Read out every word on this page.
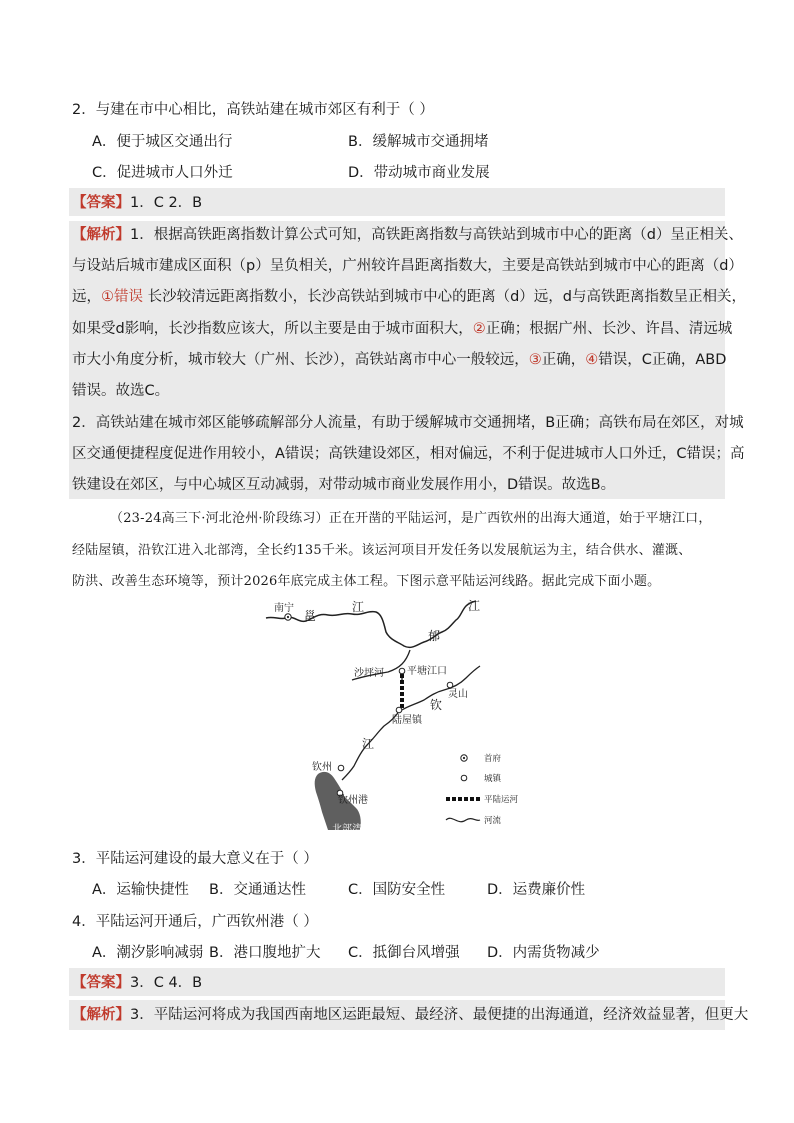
2．与建在市中心相比，高铁站建在城市郊区有利于（ ）
A．便于城区交通出行	B．缓解城市交通拥堵
C．促进城市人口外迁	D．带动城市商业发展
【答案】1．C 2．B
【解析】1．根据高铁距离指数计算公式可知，高铁距离指数与高铁站到城市中心的距离（d）呈正相关、
与设站后城市建成区面积（p）呈负相关，广州较许昌距离指数大，主要是高铁站到城市中心的距离（d）
远，①错误 长沙较清远距离指数小，长沙高铁站到城市中心的距离（d）远，d与高铁距离指数呈正相关，
如果受d影响，长沙指数应该大，所以主要是由于城市面积大，②正确；根据广州、长沙、许昌、清远城
市大小角度分析，城市较大（广州、长沙），高铁站离市中心一般较远，③正确，④错误，C正确，ABD
错误。故选C。
2．高铁站建在城市郊区能够疏解部分人流量，有助于缓解城市交通拥堵，B正确；高铁布局在郊区，对城
区交通便捷程度促进作用较小，A错误；高铁建设郊区，相对偏远，不利于促进城市人口外迁，C错误；高
铁建设在郊区，与中心城区互动减弱，对带动城市商业发展作用小，D错误。故选B。
（23-24高三下·河北沧州·阶段练习）正在开凿的平陆运河，是广西钦州的出海大通道，始于平塘江口，
经陆屋镇，沿钦江进入北部湾，全长约135千米。该运河项目开发任务以发展航运为主，结合供水、灌溉、
防洪、改善生态环境等，预计2026年底完成主体工程。下图示意平陆运河线路。据此完成下面小题。
南宁
邕
江	江
郁
沙坪河 平塘江口
灵山
钦
陆屋镇
江
钦州
钦州港
北部湾
首府
城镇
平陆运河
河流
3．平陆运河建设的最大意义在于（ ）
A．运输快捷性 B．交通通达性	C．国防安全性	D．运费廉价性
4．平陆运河开通后，广西钦州港（ ）
A．潮汐影响减弱 B．港口腹地扩大 C．抵御台风增强 D．内需货物减少
【答案】3．C 4．B
【解析】3．平陆运河将成为我国西南地区运距最短、最经济、最便捷的出海通道，经济效益显著，但更大
